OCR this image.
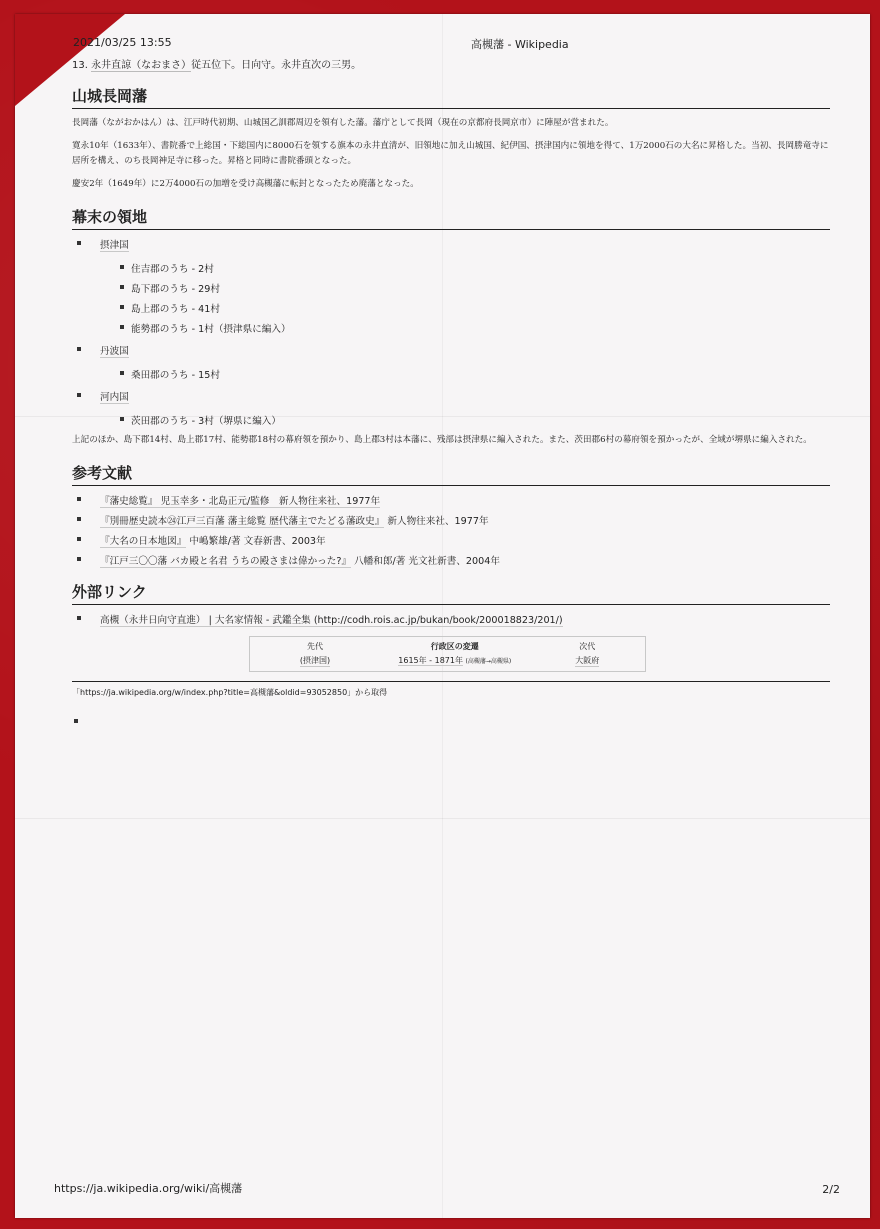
2021/03/25 13:55	高槻藩 - Wikipedia
13. 永井直諒（なおまさ）従五位下。日向守。永井直次の三男。
山城長岡藩

長岡藩（ながおかはん）は、江戸時代初期、山城国乙訓郡周辺を領有した藩。藩庁として長岡（現在の京都府長岡京市）に陣屋が営まれた。

寛永10年（1633年）、書院番で上総国・下総国内に8000石を領する旗本の永井直清が、旧領地に加え山城国、紀伊国、摂津国内に領地を得て、1万2000石の大名に昇格した。当初、長岡勝竜寺に居所を構え、のち長岡神足寺に移った。昇格と同時に書院番頭となった。

慶安2年（1649年）に2万4000石の加増を受け高槻藩に転封となったため廃藩となった。

幕末の領地
摂津国
住吉郡のうち - 2村
島下郡のうち - 29村
島上郡のうち - 41村
能勢郡のうち - 1村（摂津県に編入）
丹波国
桑田郡のうち - 15村
河内国
茨田郡のうち - 3村（堺県に編入）

上記のほか、島下郡14村、島上郡17村、能勢郡18村の幕府領を預かり、島上郡3村は本藩に、残部は摂津県に編入された。また、茨田郡6村の幕府領を預かったが、全域が堺県に編入された。

参考文献
『藩史総覧』 児玉幸多・北島正元/監修　新人物往来社、1977年
『別冊歴史読本㉔江戸三百藩 藩主総覧 歴代藩主でたどる藩政史』 新人物往来社、1977年
『大名の日本地図』 中嶋繁雄/著 文春新書、2003年
『江戸三〇〇藩 バカ殿と名君 うちの殿さまは偉かった?』 八幡和郎/著 光文社新書、2004年
外部リンク
高槻（永井日向守直進） | 大名家情報 - 武鑑全集 (http://codh.rois.ac.jp/bukan/book/200018823/201/)
先代
(摂津国)
行政区の変遷
1615年 - 1871年 (高槻藩→高槻県)
次代
大阪府
「https://ja.wikipedia.org/w/index.php?title=高槻藩&oldid=93052850」から取得
https://ja.wikipedia.org/wiki/高槻藩	2/2
